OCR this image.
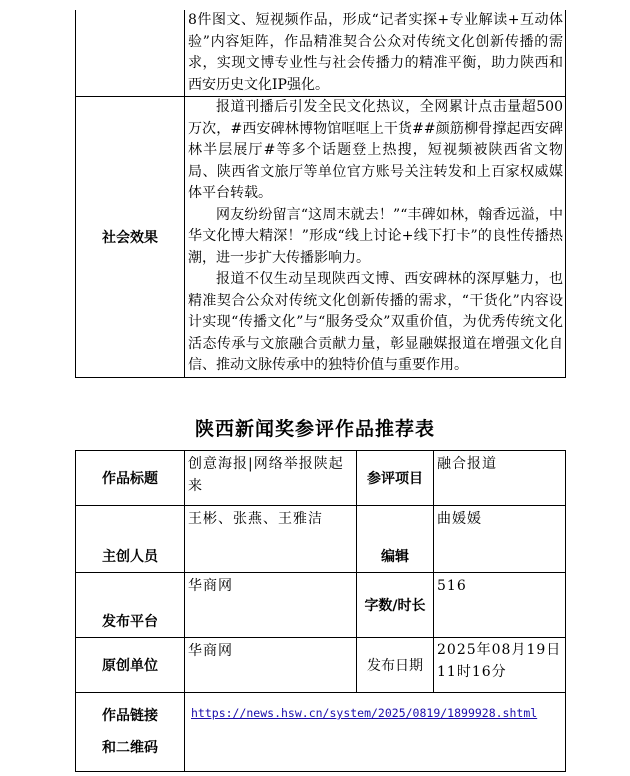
	8件图文、短视频作品，形成“记者实探+专业解读+互动体验”内容矩阵，作品精准契合公众对传统文化创新传播的需求，实现文博专业性与社会传播力的精准平衡，助力陕西和西安历史文化IP强化。
社会效果	报道刊播后引发全民文化热议，全网累计点击量超500万次，#西安碑林博物馆哐哐上干货##颜筋柳骨撑起西安碑林半层展厅#等多个话题登上热搜，短视频被陕西省文物局、陕西省文旅厅等单位官方账号关注转发和上百家权威媒体平台转载。

网友纷纷留言“这周末就去！”“丰碑如林，翰香远溢，中华文化博大精深！”形成“线上讨论+线下打卡”的良性传播热潮，进一步扩大传播影响力。

报道不仅生动呈现陕西文博、西安碑林的深厚魅力，也精准契合公众对传统文化创新传播的需求，“干货化”内容设计实现“传播文化”与“服务受众”双重价值，为优秀传统文化活态传承与文旅融合贡献力量，彰显融媒报道在增强文化自信、推动文脉传承中的独特价值与重要作用。

陕西新闻奖参评作品推荐表
作品标题	创意海报|网络举报陕起来	参评项目	融合报道
主创人员	王彬、张燕、王雅洁	编辑	曲媛媛
发布平台	华商网	字数/时长	516
原创单位	华商网	发布日期	2025年08月19日11时16分

作品链接
和二维码	https://news.hsw.cn/system/2025/0819/1899928.shtml		
